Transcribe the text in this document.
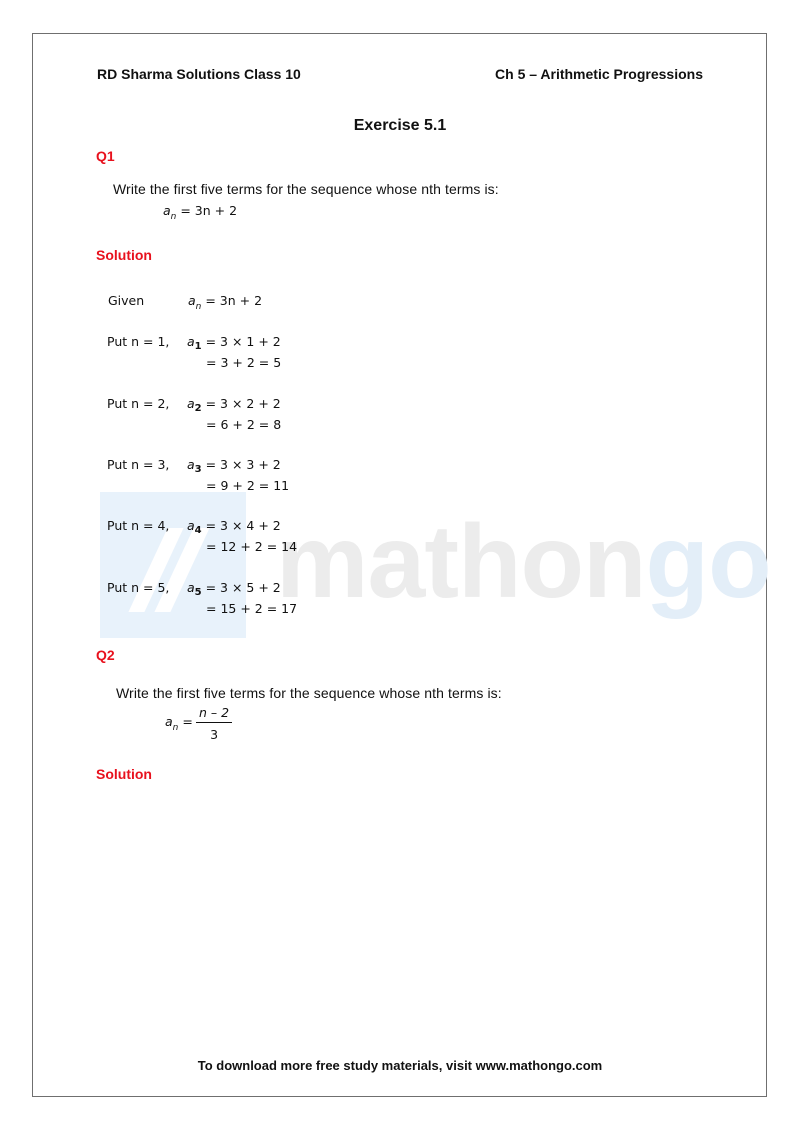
mathongo
RD Sharma Solutions Class 10	Ch 5 – Arithmetic Progressions
Exercise 5.1
Q1
Write the first five terms for the sequence whose nth terms is:
$a_n = 3n + 2$
Solution
Given	$a_n = 3n + 2$
Put n = 1, $a_1 = 3 \times 1 + 2$
= 3 + 2 = 5
Put n = 2, $a_2 = 3 \times 2 + 2$
= 6 + 2 = 8
Put n = 3, $a_3 = 3 \times 3 + 2$
= 9 + 2 = 11
Put n = 4, $a_4 = 3 \times 4 + 2$
= 12 + 2 = 14
Put n = 5, $a_5 = 3 \times 5 + 2$
= 15 + 2 = 17
Q2
Write the first five terms for the sequence whose nth terms is:
$a_n = \frac{n - 2}{3}$
Solution
To download more free study materials, visit www.mathongo.com
